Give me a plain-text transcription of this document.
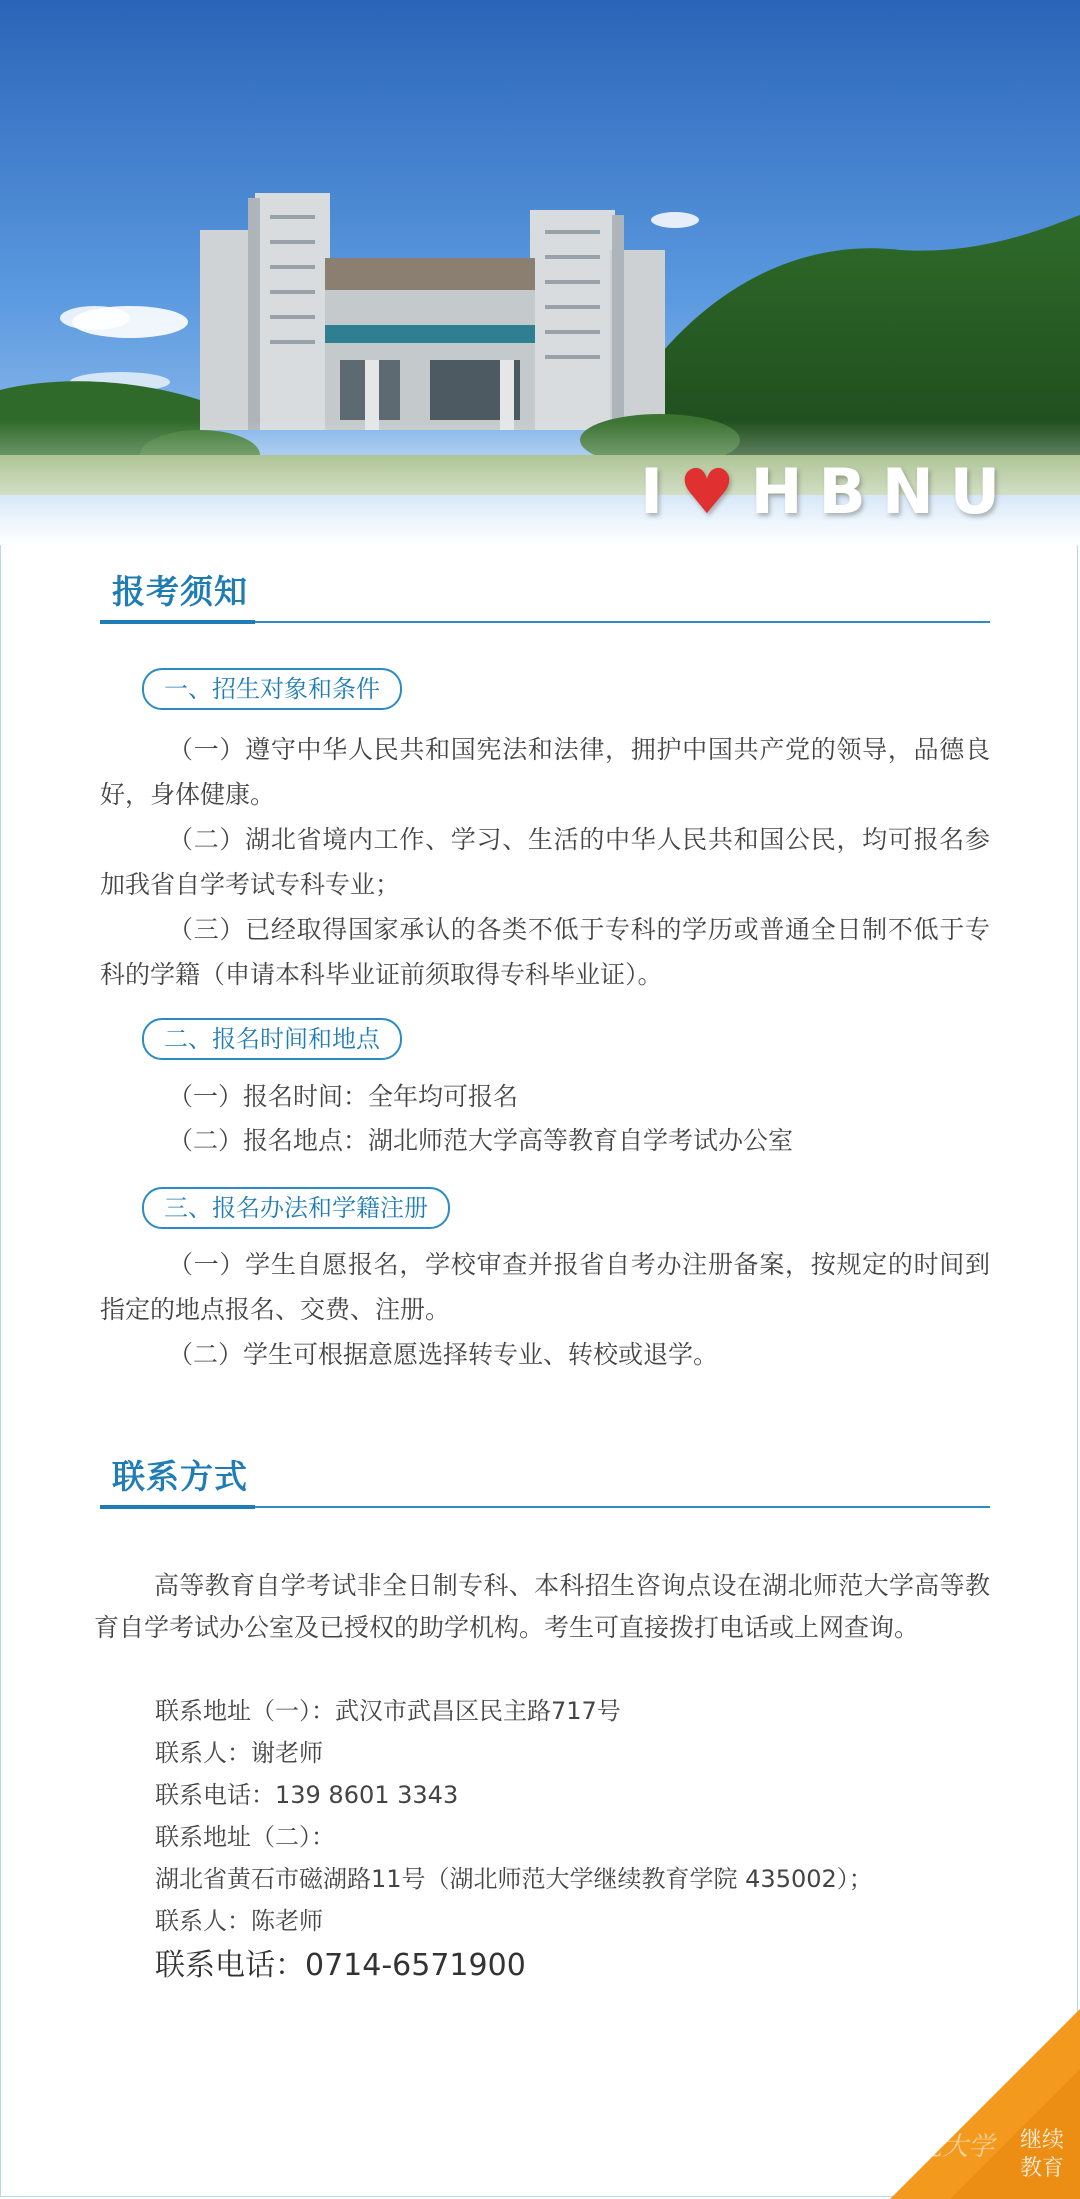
I♥HBNU
报考须知
一、招生对象和条件

（一）遵守中华人民共和国宪法和法律，拥护中国共产党的领导，品德良好，身体健康。

（二）湖北省境内工作、学习、生活的中华人民共和国公民，均可报名参加我省自学考试专科专业；

（三）已经取得国家承认的各类不低于专科的学历或普通全日制不低于专科的学籍（申请本科毕业证前须取得专科毕业证）。

二、报名时间和地点

（一）报名时间：全年均可报名

（二）报名地点：湖北师范大学高等教育自学考试办公室

三、报名办法和学籍注册

（一）学生自愿报名，学校审查并报省自考办注册备案，按规定的时间到指定的地点报名、交费、注册。

（二）学生可根据意愿选择转专业、转校或退学。

联系方式

高等教育自学考试非全日制专科、本科招生咨询点设在湖北师范大学高等教育自学考试办公室及已授权的助学机构。考生可直接拨打电话或上网查询。

联系地址（一）：武汉市武昌区民主路717号

联系人：谢老师

联系电话：139 8601 3343

联系地址（二）：

湖北省黄石市磁湖路11号（湖北师范大学继续教育学院 435002）；

联系人：陈老师

联系电话：0714-6571900

师范大学 继续
教育
